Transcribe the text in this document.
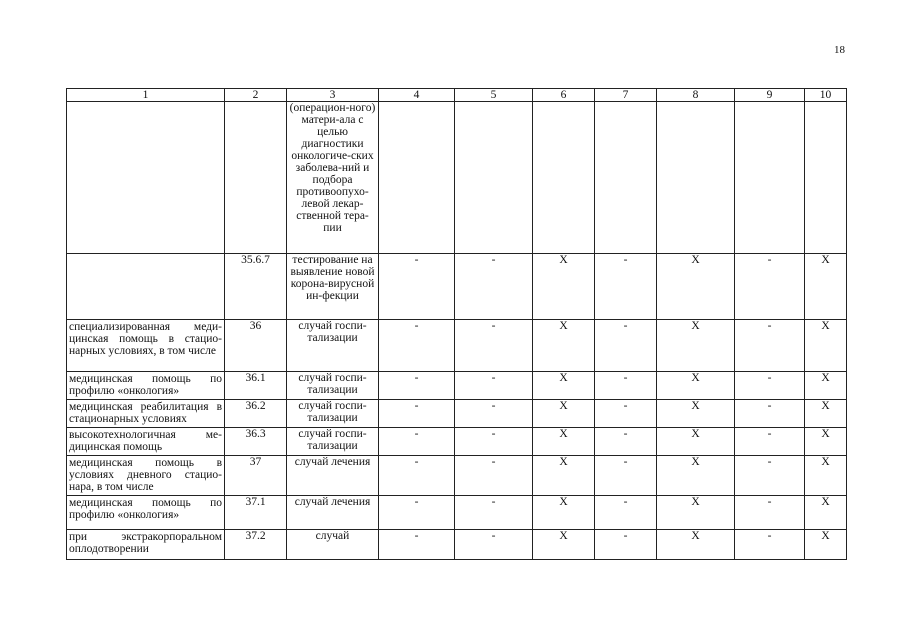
18
1	2	3	4	5	6	7	8	9	10
		(операцион-ного) матери-ала с целью диагностики онкологиче-ских заболева-ний и подбора противоопухо-левой лекар-ственной тера-пии							
	35.6.7	тестирование на выявление новой корона-вирусной ин-фекции	-	-	X	-	X	-	X
специализированная меди-цинская помощь в стацио-нарных условиях, в том числе	36	случай госпи-тализации	-	-	X	-	X	-	X
медицинская помощь по профилю «онкология»	36.1	случай госпи-тализации	-	-	X	-	X	-	X
медицинская реабилитация в стационарных условиях	36.2	случай госпи-тализации	-	-	X	-	X	-	X
высокотехнологичная ме-дицинская помощь	36.3	случай госпи-тализации	-	-	X	-	X	-	X
медицинская помощь в условиях дневного стацио-нара, в том числе	37	случай лечения	-	-	X	-	X	-	X
медицинская помощь по профилю «онкология»	37.1	случай лечения	-	-	X	-	X	-	X
при экстракорпоральном оплодотворении	37.2	случай	-	-	X	-	X	-	X
